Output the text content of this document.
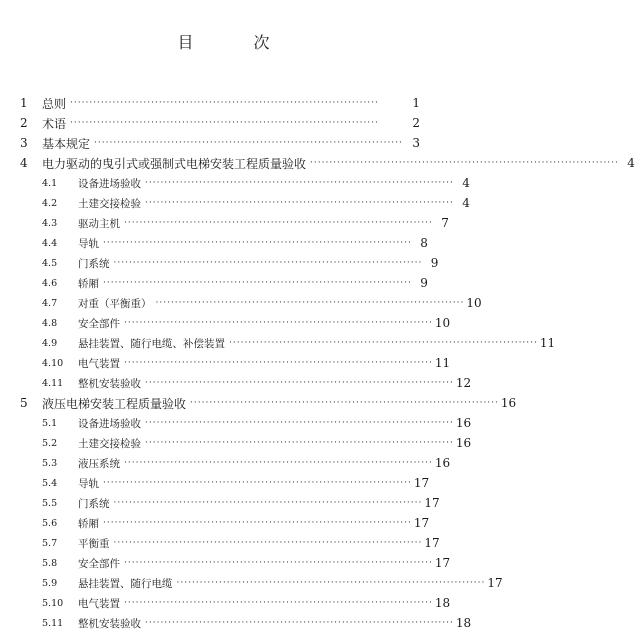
目　次
1	总则 ················································································	1
2	术语 ················································································	2
3	基本规定 ················································································ 3
4	电力驱动的曳引式或强制式电梯安装工程质量验收 ················································································ 4
4.1	设备进场验收 ················································································ 4
4.2	土建交接检验 ················································································ 4
4.3	驱动主机 ················································································ 7
4.4	导轨 ················································································ 8
4.5	门系统 ················································································ 9
4.6	轿厢 ················································································ 9
4.7	对重（平衡重） ················································································ 10
4.8	安全部件 ················································································ 10
4.9	悬挂装置、随行电缆、补偿装置 ················································································ 11
4.10	电气装置 ················································································ 11
4.11	整机安装验收 ················································································ 12
5	液压电梯安装工程质量验收 ················································································ 16
5.1	设备进场验收 ················································································ 16
5.2	土建交接检验 ················································································ 16
5.3	液压系统 ················································································ 16
5.4	导轨 ················································································ 17
5.5	门系统 ················································································ 17
5.6	轿厢 ················································································ 17
5.7	平衡重 ················································································ 17
5.8	安全部件 ················································································ 17
5.9	悬挂装置、随行电缆 ················································································ 17
5.10	电气装置 ················································································ 18
5.11	整机安装验收 ················································································ 18
